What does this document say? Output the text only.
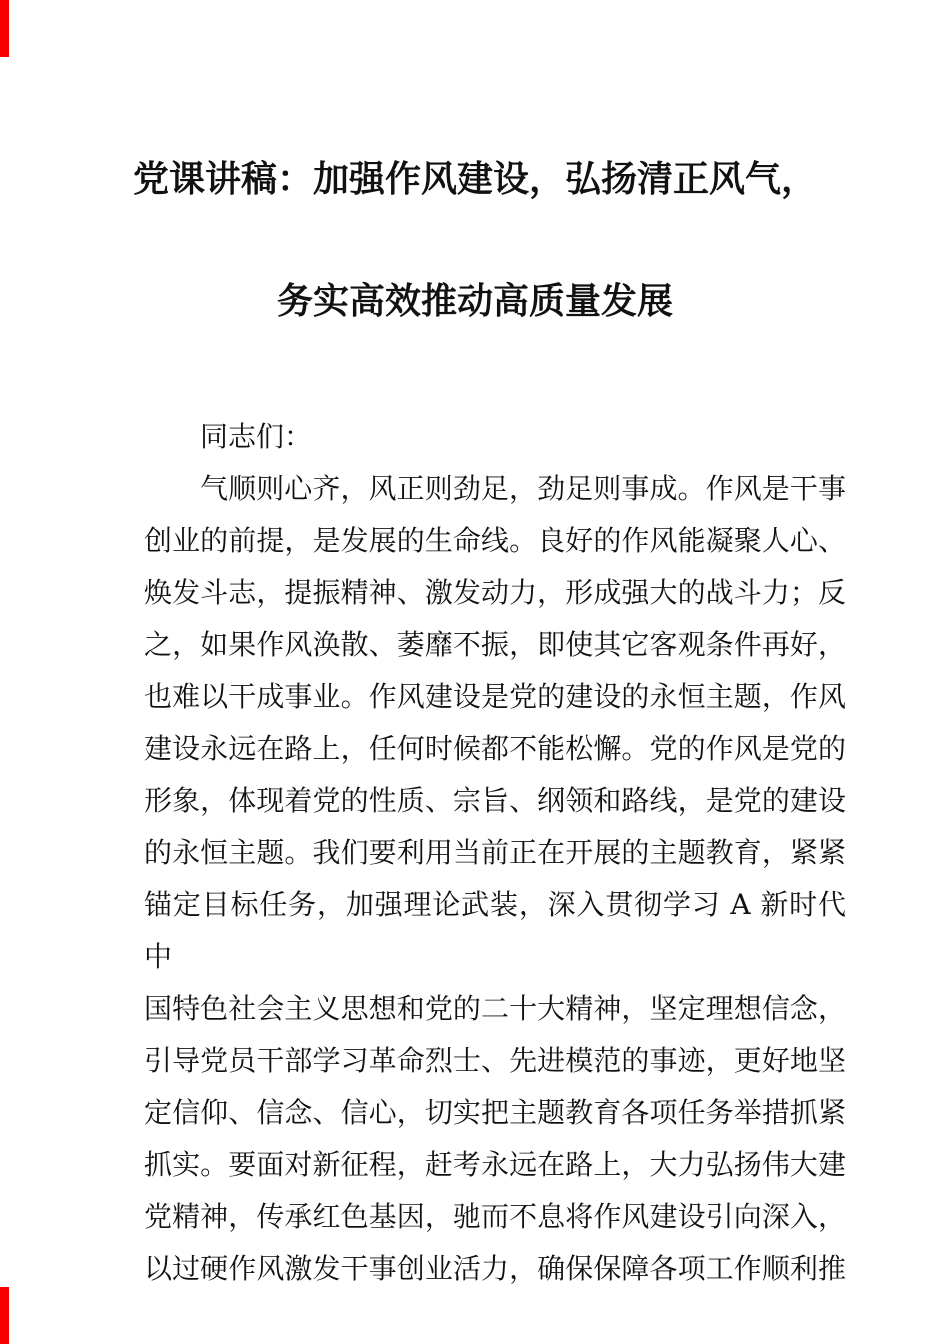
党课讲稿：加强作风建设，弘扬清正风气，
务实高效推动高质量发展
同志们：
气顺则心齐，风正则劲足，劲足则事成。作风是干事
创业的前提，是发展的生命线。良好的作风能凝聚人心、
焕发斗志，提振精神、激发动力，形成强大的战斗力；反
之，如果作风涣散、萎靡不振，即使其它客观条件再好，
也难以干成事业。作风建设是党的建设的永恒主题，作风
建设永远在路上，任何时候都不能松懈。党的作风是党的
形象，体现着党的性质、宗旨、纲领和路线，是党的建设
的永恒主题。我们要利用当前正在开展的主题教育，紧紧
锚定目标任务，加强理论武装，深入贯彻学习 A 新时代中
国特色社会主义思想和党的二十大精神，坚定理想信念，
引导党员干部学习革命烈士、先进模范的事迹，更好地坚
定信仰、信念、信心，切实把主题教育各项任务举措抓紧
抓实。要面对新征程，赶考永远在路上，大力弘扬伟大建
党精神，传承红色基因，驰而不息将作风建设引向深入，
以过硬作风激发干事创业活力，确保保障各项工作顺利推
